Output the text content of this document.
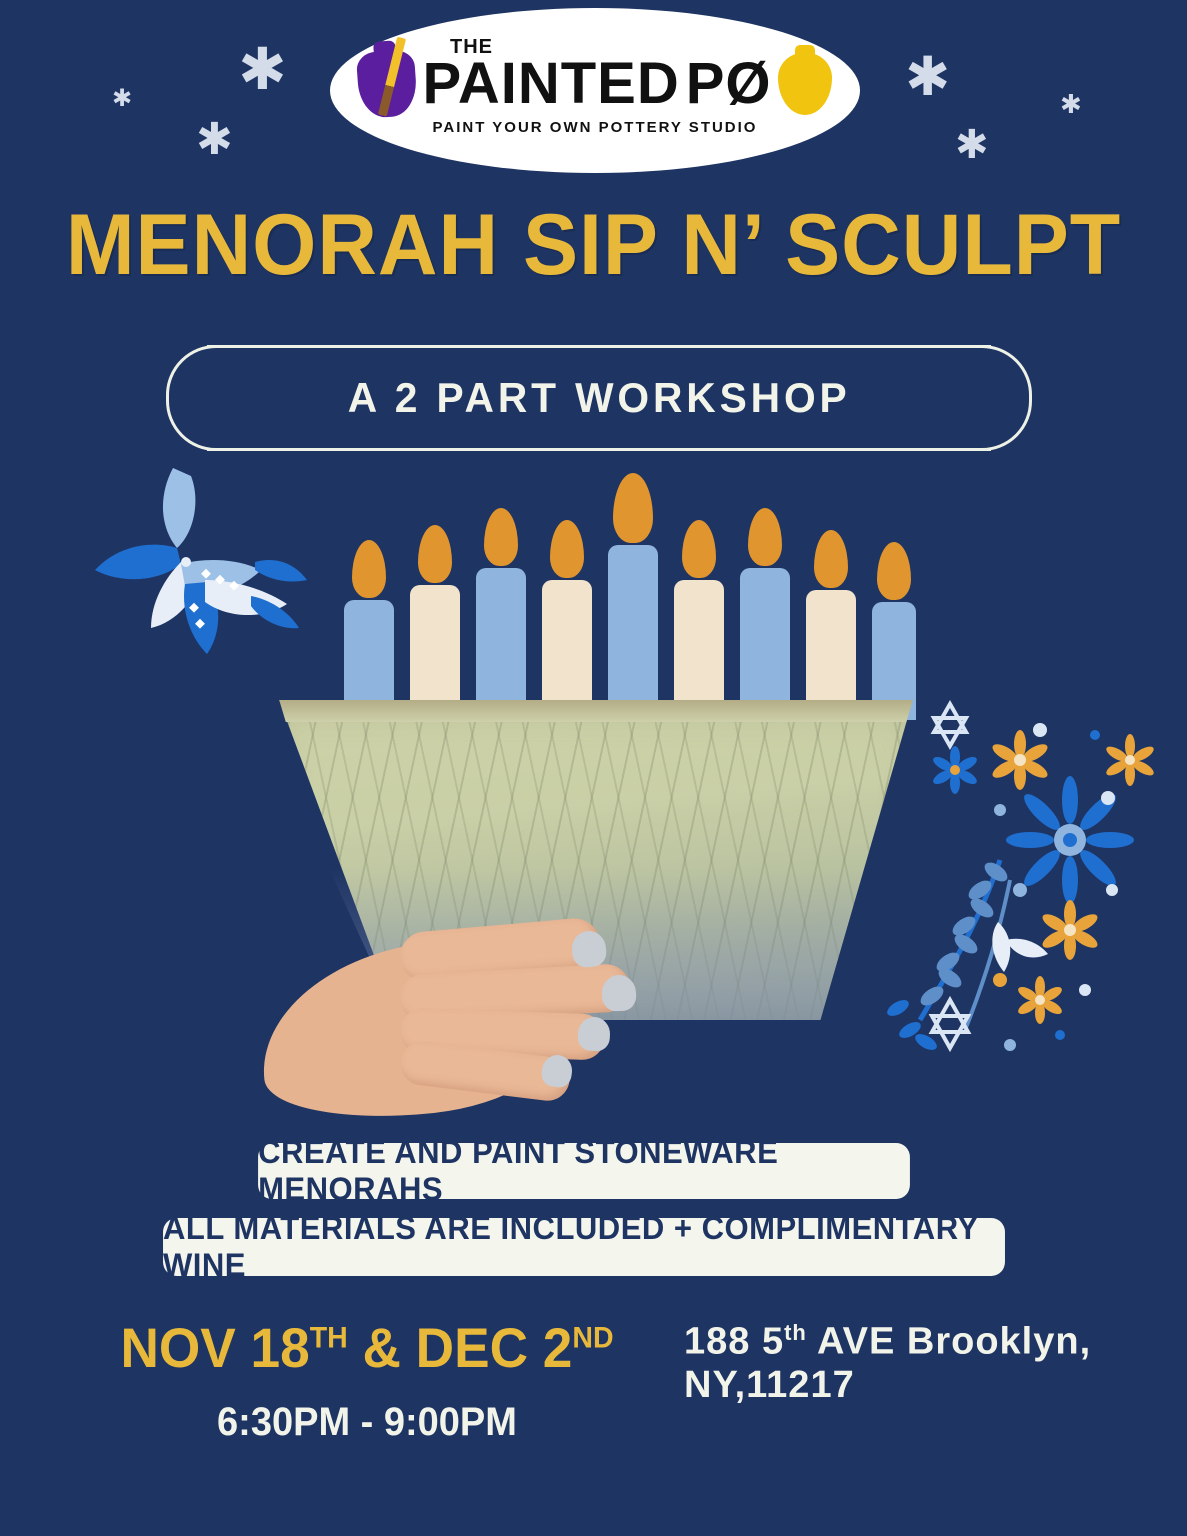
✱
✱
✱
✱
✱
✱
THE
PAINTED PØ
PAINT YOUR OWN POTTERY STUDIO
MENORAH SIP N’ SCULPT
A 2 PART WORKSHOP
CREATE AND PAINT STONEWARE MENORAHS
ALL MATERIALS ARE INCLUDED + COMPLIMENTARY WINE
NOV 18TH & DEC 2ND
6:30PM - 9:00PM
188 5th AVE Brooklyn,
NY,11217
